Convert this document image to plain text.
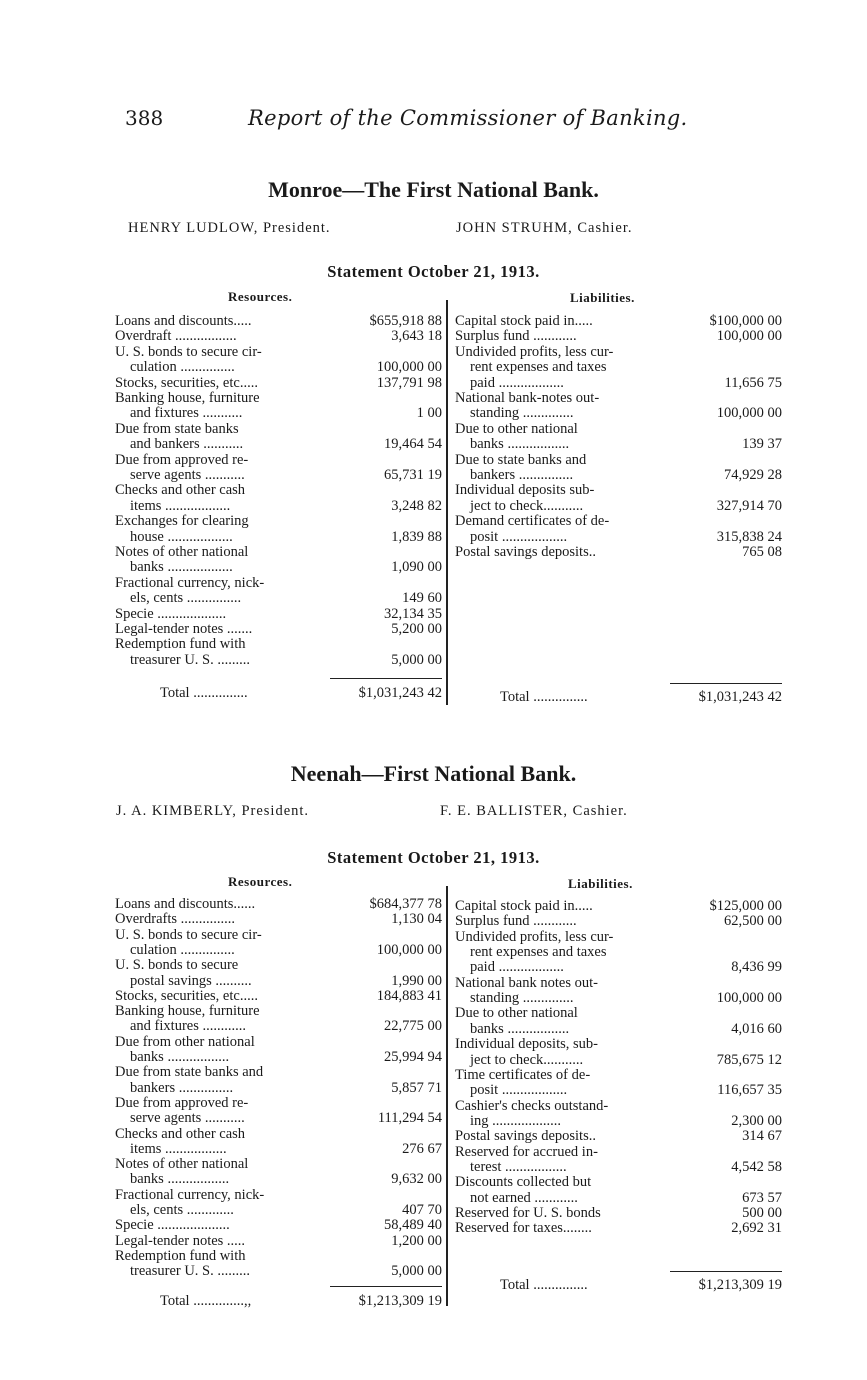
388	Report of the Commissioner of Banking.
Monroe—The First National Bank.
HENRY LUDLOW, President.	JOHN STRUHM, Cashier.
Statement October 21, 1913.
Resources.	Liabilities.
Loans and discounts.....	$655,918 88
Overdraft .................	3,643 18
U. S. bonds to secure cir-
culation ...............	100,000 00
Stocks, securities, etc.....	137,791 98
Banking house, furniture
and fixtures ...........	1 00
Due from state banks
and bankers ...........	19,464 54
Due from approved re-
serve agents ...........	65,731 19
Checks and other cash
items ..................	3,248 82
Exchanges for clearing
house ..................	1,839 88
Notes of other national
banks ..................	1,090 00
Fractional currency, nick-
els, cents ...............	149 60
Specie ...................	32,134 35
Legal-tender notes .......	5,200 00
Redemption fund with
treasurer U. S. .........	5,000 00
Capital stock paid in.....	$100,000 00
Surplus fund ............	100,000 00
Undivided profits, less cur-
rent expenses and taxes
paid ..................	11,656 75
National bank-notes out-
standing ..............	100,000 00
Due to other national
banks .................	139 37
Due to state banks and
bankers ...............	74,929 28
Individual deposits sub-
ject to check...........	327,914 70
Demand certificates of de-
posit ..................	315,838 24
Postal savings deposits..	765 08
Total ...............	$1,031,243 42	Total ...............	$1,031,243 42
Neenah—First National Bank.
J. A. KIMBERLY, President.	F. E. BALLISTER, Cashier.
Statement October 21, 1913.
Resources.	Liabilities.
Loans and discounts......	$684,377 78
Overdrafts ...............	1,130 04
U. S. bonds to secure cir-
culation ...............	100,000 00
U. S. bonds to secure
postal savings ..........	1,990 00
Stocks, securities, etc.....	184,883 41
Banking house, furniture
and fixtures ............	22,775 00
Due from other national
banks .................	25,994 94
Due from state banks and
bankers ...............	5,857 71
Due from approved re-
serve agents ...........	111,294 54
Checks and other cash
items .................	276 67
Notes of other national
banks .................	9,632 00
Fractional currency, nick-
els, cents .............	407 70
Specie ....................	58,489 40
Legal-tender notes .....	1,200 00
Redemption fund with
treasurer U. S. .........	5,000 00
Capital stock paid in.....	$125,000 00
Surplus fund ............	62,500 00
Undivided profits, less cur-
rent expenses and taxes
paid ..................	8,436 99
National bank notes out-
standing ..............	100,000 00
Due to other national
banks .................	4,016 60
Individual deposits, sub-
ject to check...........	785,675 12
Time certificates of de-
posit ..................	116,657 35
Cashier's checks outstand-
ing ...................	2,300 00
Postal savings deposits..	314 67
Reserved for accrued in-
terest .................	4,542 58
Discounts collected but
not earned ............	673 57
Reserved for U. S. bonds	500 00
Reserved for taxes........	2,692 31
Total ..............,,	$1,213,309 19
Total ...............	$1,213,309 19
